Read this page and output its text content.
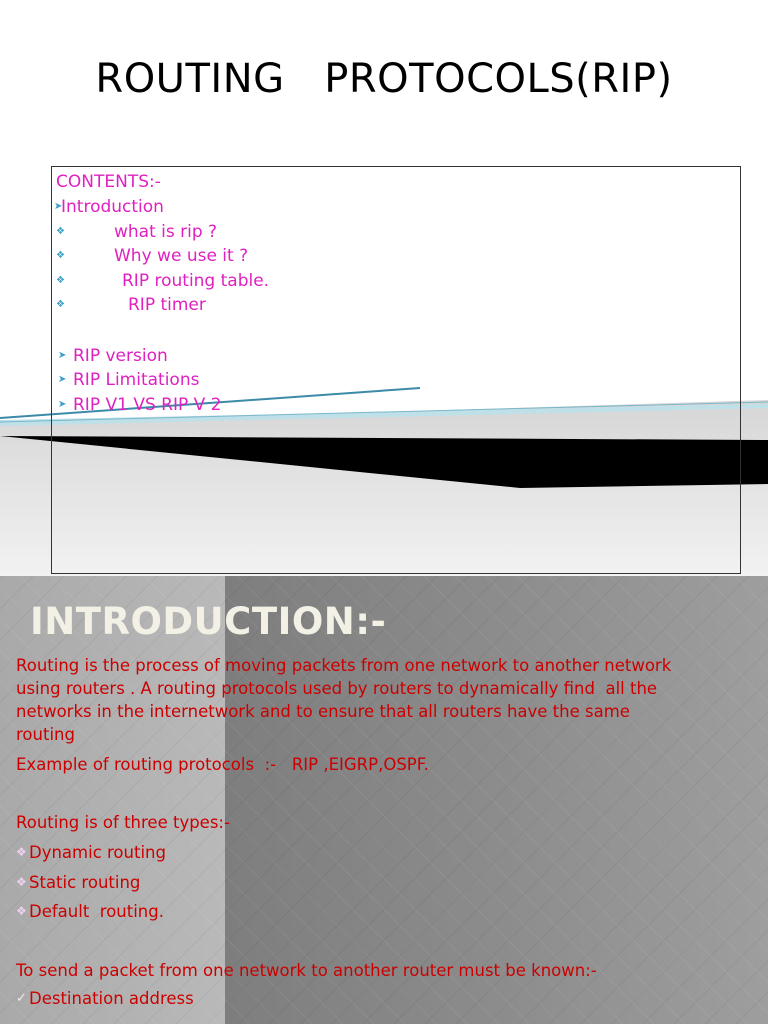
ROUTING   PROTOCOLS(RIP)
CONTENTS:-
➤
Introduction
❖	what is rip ?
❖	Why we use it ?
❖	RIP routing table.
❖	RIP timer
➤ RIP version
➤ RIP Limitations
➤ RIP V1 VS RIP V 2
INTRODUCTION:-
Routing is the process of moving packets from one network to another network
using routers . A routing protocols used by routers to dynamically find  all the
networks in the internetwork and to ensure that all routers have the same
routing
Example of routing protocols  :-   RIP ,EIGRP,OSPF.
Routing is of three types:-
❖ Dynamic routing
❖ Static routing
❖ Default  routing.
To send a packet from one network to another router must be known:-
✓ Destination address
